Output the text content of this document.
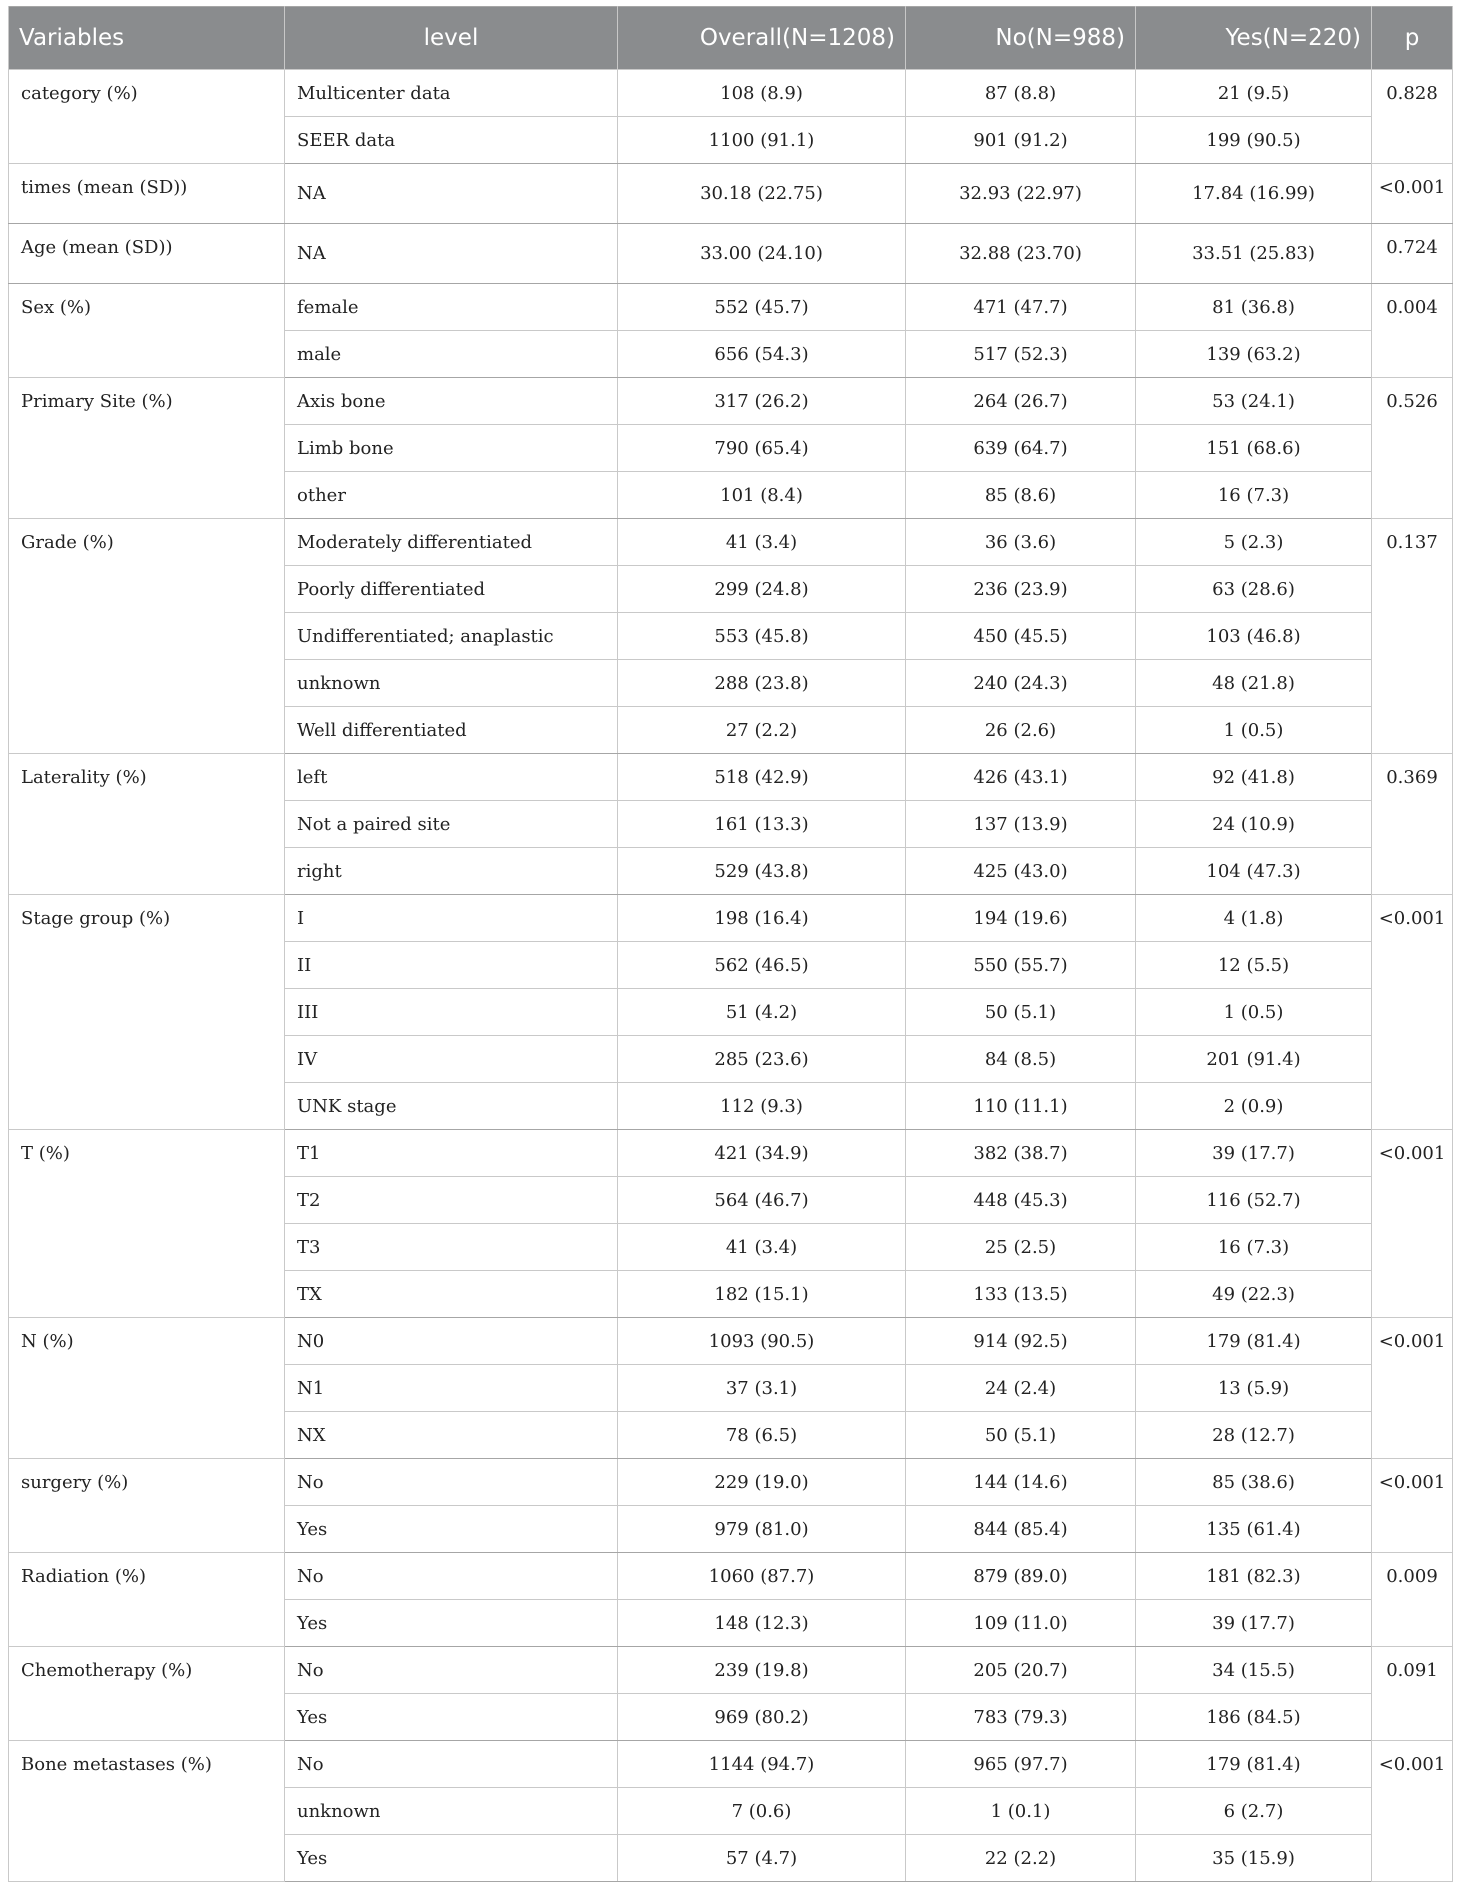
Variables	level	Overall(N=1208)	No(N=988)	Yes(N=220)	p
category (%)	Multicenter data	108 (8.9)	87 (8.8)	21 (9.5)	0.828
	SEER data	1100 (91.1)	901 (91.2)	199 (90.5)	
times (mean (SD))	NA	30.18 (22.75)	32.93 (22.97)	17.84 (16.99)	<0.001
Age (mean (SD))	NA	33.00 (24.10)	32.88 (23.70)	33.51 (25.83)	0.724
Sex (%)	female	552 (45.7)	471 (47.7)	81 (36.8)	0.004
	male	656 (54.3)	517 (52.3)	139 (63.2)	
Primary Site (%)	Axis bone	317 (26.2)	264 (26.7)	53 (24.1)	0.526
	Limb bone	790 (65.4)	639 (64.7)	151 (68.6)	
	other	101 (8.4)	85 (8.6)	16 (7.3)	
Grade (%)	Moderately differentiated	41 (3.4)	36 (3.6)	5 (2.3)	0.137
	Poorly differentiated	299 (24.8)	236 (23.9)	63 (28.6)	
	Undifferentiated; anaplastic	553 (45.8)	450 (45.5)	103 (46.8)	
	unknown	288 (23.8)	240 (24.3)	48 (21.8)	
	Well differentiated	27 (2.2)	26 (2.6)	1 (0.5)	
Laterality (%)	left	518 (42.9)	426 (43.1)	92 (41.8)	0.369
	Not a paired site	161 (13.3)	137 (13.9)	24 (10.9)	
	right	529 (43.8)	425 (43.0)	104 (47.3)	
Stage group (%)	I	198 (16.4)	194 (19.6)	4 (1.8)	<0.001
	II	562 (46.5)	550 (55.7)	12 (5.5)	
	III	51 (4.2)	50 (5.1)	1 (0.5)	
	IV	285 (23.6)	84 (8.5)	201 (91.4)	
	UNK stage	112 (9.3)	110 (11.1)	2 (0.9)	
T (%)	T1	421 (34.9)	382 (38.7)	39 (17.7)	<0.001
	T2	564 (46.7)	448 (45.3)	116 (52.7)	
	T3	41 (3.4)	25 (2.5)	16 (7.3)	
	TX	182 (15.1)	133 (13.5)	49 (22.3)	
N (%)	N0	1093 (90.5)	914 (92.5)	179 (81.4)	<0.001
	N1	37 (3.1)	24 (2.4)	13 (5.9)	
	NX	78 (6.5)	50 (5.1)	28 (12.7)	
surgery (%)	No	229 (19.0)	144 (14.6)	85 (38.6)	<0.001
	Yes	979 (81.0)	844 (85.4)	135 (61.4)	
Radiation (%)	No	1060 (87.7)	879 (89.0)	181 (82.3)	0.009
	Yes	148 (12.3)	109 (11.0)	39 (17.7)	
Chemotherapy (%)	No	239 (19.8)	205 (20.7)	34 (15.5)	0.091
	Yes	969 (80.2)	783 (79.3)	186 (84.5)	
Bone metastases (%)	No	1144 (94.7)	965 (97.7)	179 (81.4)	<0.001
	unknown	7 (0.6)	1 (0.1)	6 (2.7)	
	Yes	57 (4.7)	22 (2.2)	35 (15.9)	
